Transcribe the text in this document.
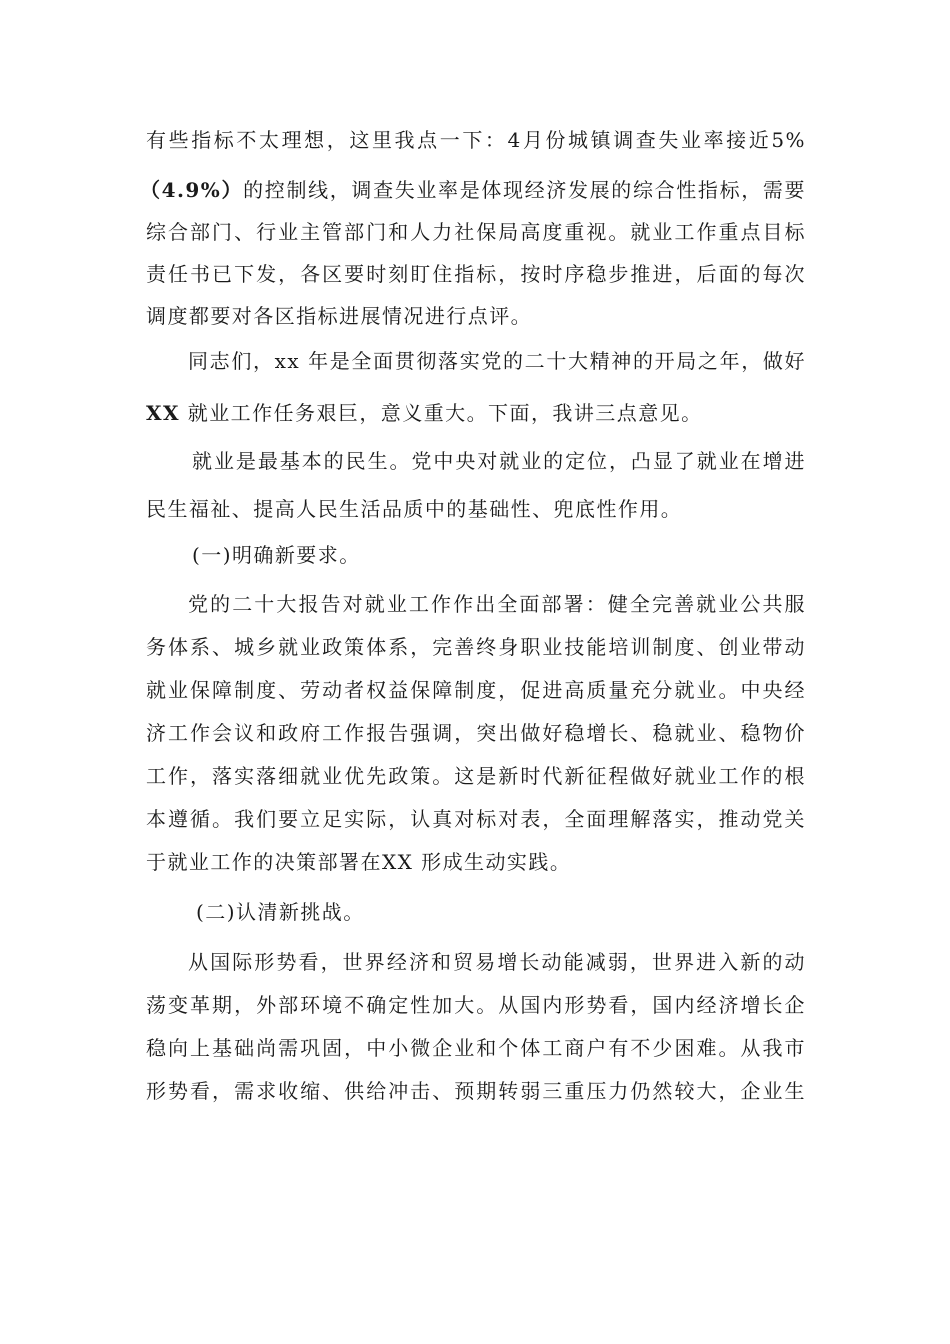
有些指标不太理想，这里我点一下：4月份城镇调查失业率接近5%
（4.9%）的控制线，调查失业率是体现经济发展的综合性指标，需要
综合部门、行业主管部门和人力社保局高度重视。就业工作重点目标
责任书已下发，各区要时刻盯住指标，按时序稳步推进，后面的每次
调度都要对各区指标进展情况进行点评。
同志们，xx 年是全面贯彻落实党的二十大精神的开局之年，做好
XX 就业工作任务艰巨，意义重大。下面，我讲三点意见。
就业是最基本的民生。党中央对就业的定位，凸显了就业在增进
民生福祉、提高人民生活品质中的基础性、兜底性作用。
(一)明确新要求。
党的二十大报告对就业工作作出全面部署：健全完善就业公共服
务体系、城乡就业政策体系，完善终身职业技能培训制度、创业带动
就业保障制度、劳动者权益保障制度，促进高质量充分就业。中央经
济工作会议和政府工作报告强调，突出做好稳增长、稳就业、稳物价
工作，落实落细就业优先政策。这是新时代新征程做好就业工作的根
本遵循。我们要立足实际，认真对标对表，全面理解落实，推动党关
于就业工作的决策部署在XX 形成生动实践。
(二)认清新挑战。
从国际形势看，世界经济和贸易增长动能减弱，世界进入新的动
荡变革期，外部环境不确定性加大。从国内形势看，国内经济增长企
稳向上基础尚需巩固，中小微企业和个体工商户有不少困难。从我市
形势看，需求收缩、供给冲击、预期转弱三重压力仍然较大，企业生
